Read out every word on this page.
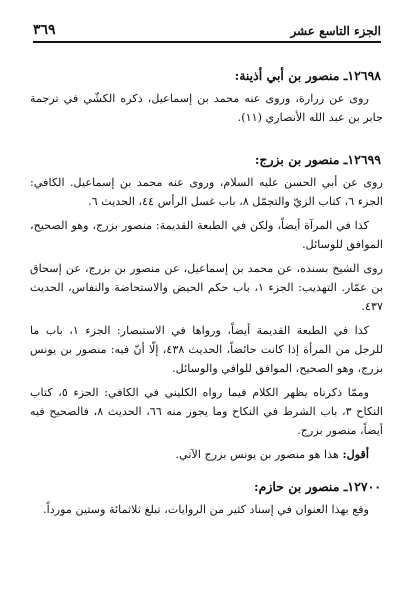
الجزء التاسع عشر
٣٦٩
١٢٦٩٨ـ منصور بن أبي أذينة:

روى عن زرارة، وروى عنه محمد بن إسماعيل، ذكره الكشّي في ترجمة جابر بن عبد الله الأنصاري (١١).

١٢٦٩٩ـ منصور بن بزرج:

روى عن أبي الحسن عليه السلام، وروى عنه محمد بن إسماعيل. الكافي: الجزء ٦، كتاب الزيّ والتجمّل ٨، باب غسل الرأس ٤٤، الحديث ٦.

كذا في المرآة أيضاً، ولكن في الطبعة القديمة: منصور بزرج، وهو الصحيح، الموافق للوسائل.

روى الشيخ بسنده، عن محمد بن إسماعيل، عن منصور بن بزرج، عن إسحاق بن عمّار. التهذيب: الجزء ١، باب حكم الحيض والاستحاضة والنفاس، الحديث ٤٣٧.

كذا في الطبعة القديمة أيضاً، ورواها في الاستبصار: الجزء ١، باب ما للرجل من المرأة إذا كانت حائضاً، الحديث ٤٣٨، إلّا أنّ فيه: منصور بن يونس بزرج، وهو الصحيح، الموافق للوافي والوسائل.

وممّا ذكرناه يظهر الكلام فيما رواه الكليني في الكافي: الجزء ٥، كتاب النكاح ٣، باب الشرط في النكاح وما يجوز منه ٦٦، الحديث ٨، فالصحيح فيه أيضاً، منصور بزرج.

أقول: هذا هو منصور بن يونس بزرج الآتي.

١٢٧٠٠ـ منصور بن حازم:

وقع بهذا العنوان في إسناد كثير من الروايات، تبلغ ثلاثمائة وستين مورداً.
